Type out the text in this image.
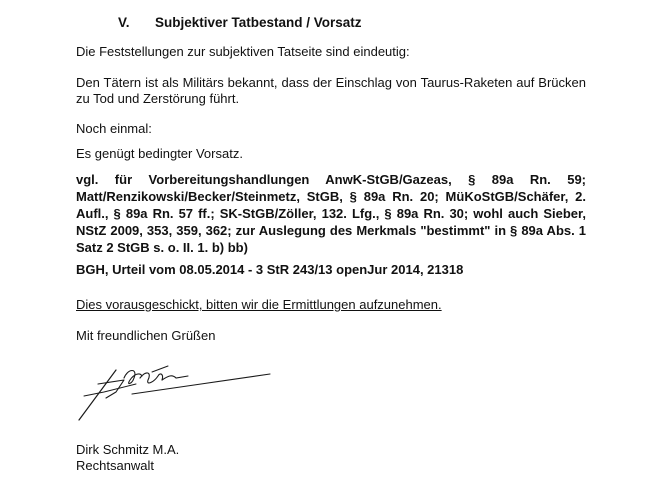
V. Subjektiver Tatbestand / Vorsatz

Die Feststellungen zur subjektiven Tatseite sind eindeutig:

Den Tätern ist als Militärs bekannt, dass der Einschlag von Taurus-Raketen auf Brücken zu Tod und Zerstörung führt.

Noch einmal:

Es genügt bedingter Vorsatz.

vgl. für Vorbereitungshandlungen AnwK-StGB/Gazeas, § 89a Rn. 59; Matt/Renzikowski/Becker/Steinmetz, StGB, § 89a Rn. 20; MüKoStGB/Schäfer, 2. Aufl., § 89a Rn. 57 ff.; SK-StGB/Zöller, 132. Lfg., § 89a Rn. 30; wohl auch Sieber, NStZ 2009, 353, 359, 362; zur Auslegung des Merkmals "bestimmt" in § 89a Abs. 1 Satz 2 StGB s. o. II. 1. b) bb)

BGH, Urteil vom 08.05.2014 - 3 StR 243/13 openJur 2014, 21318

Dies vorausgeschickt, bitten wir die Ermittlungen aufzunehmen.

Mit freundlichen Grüßen

Dirk Schmitz M.A.
Rechtsanwalt
